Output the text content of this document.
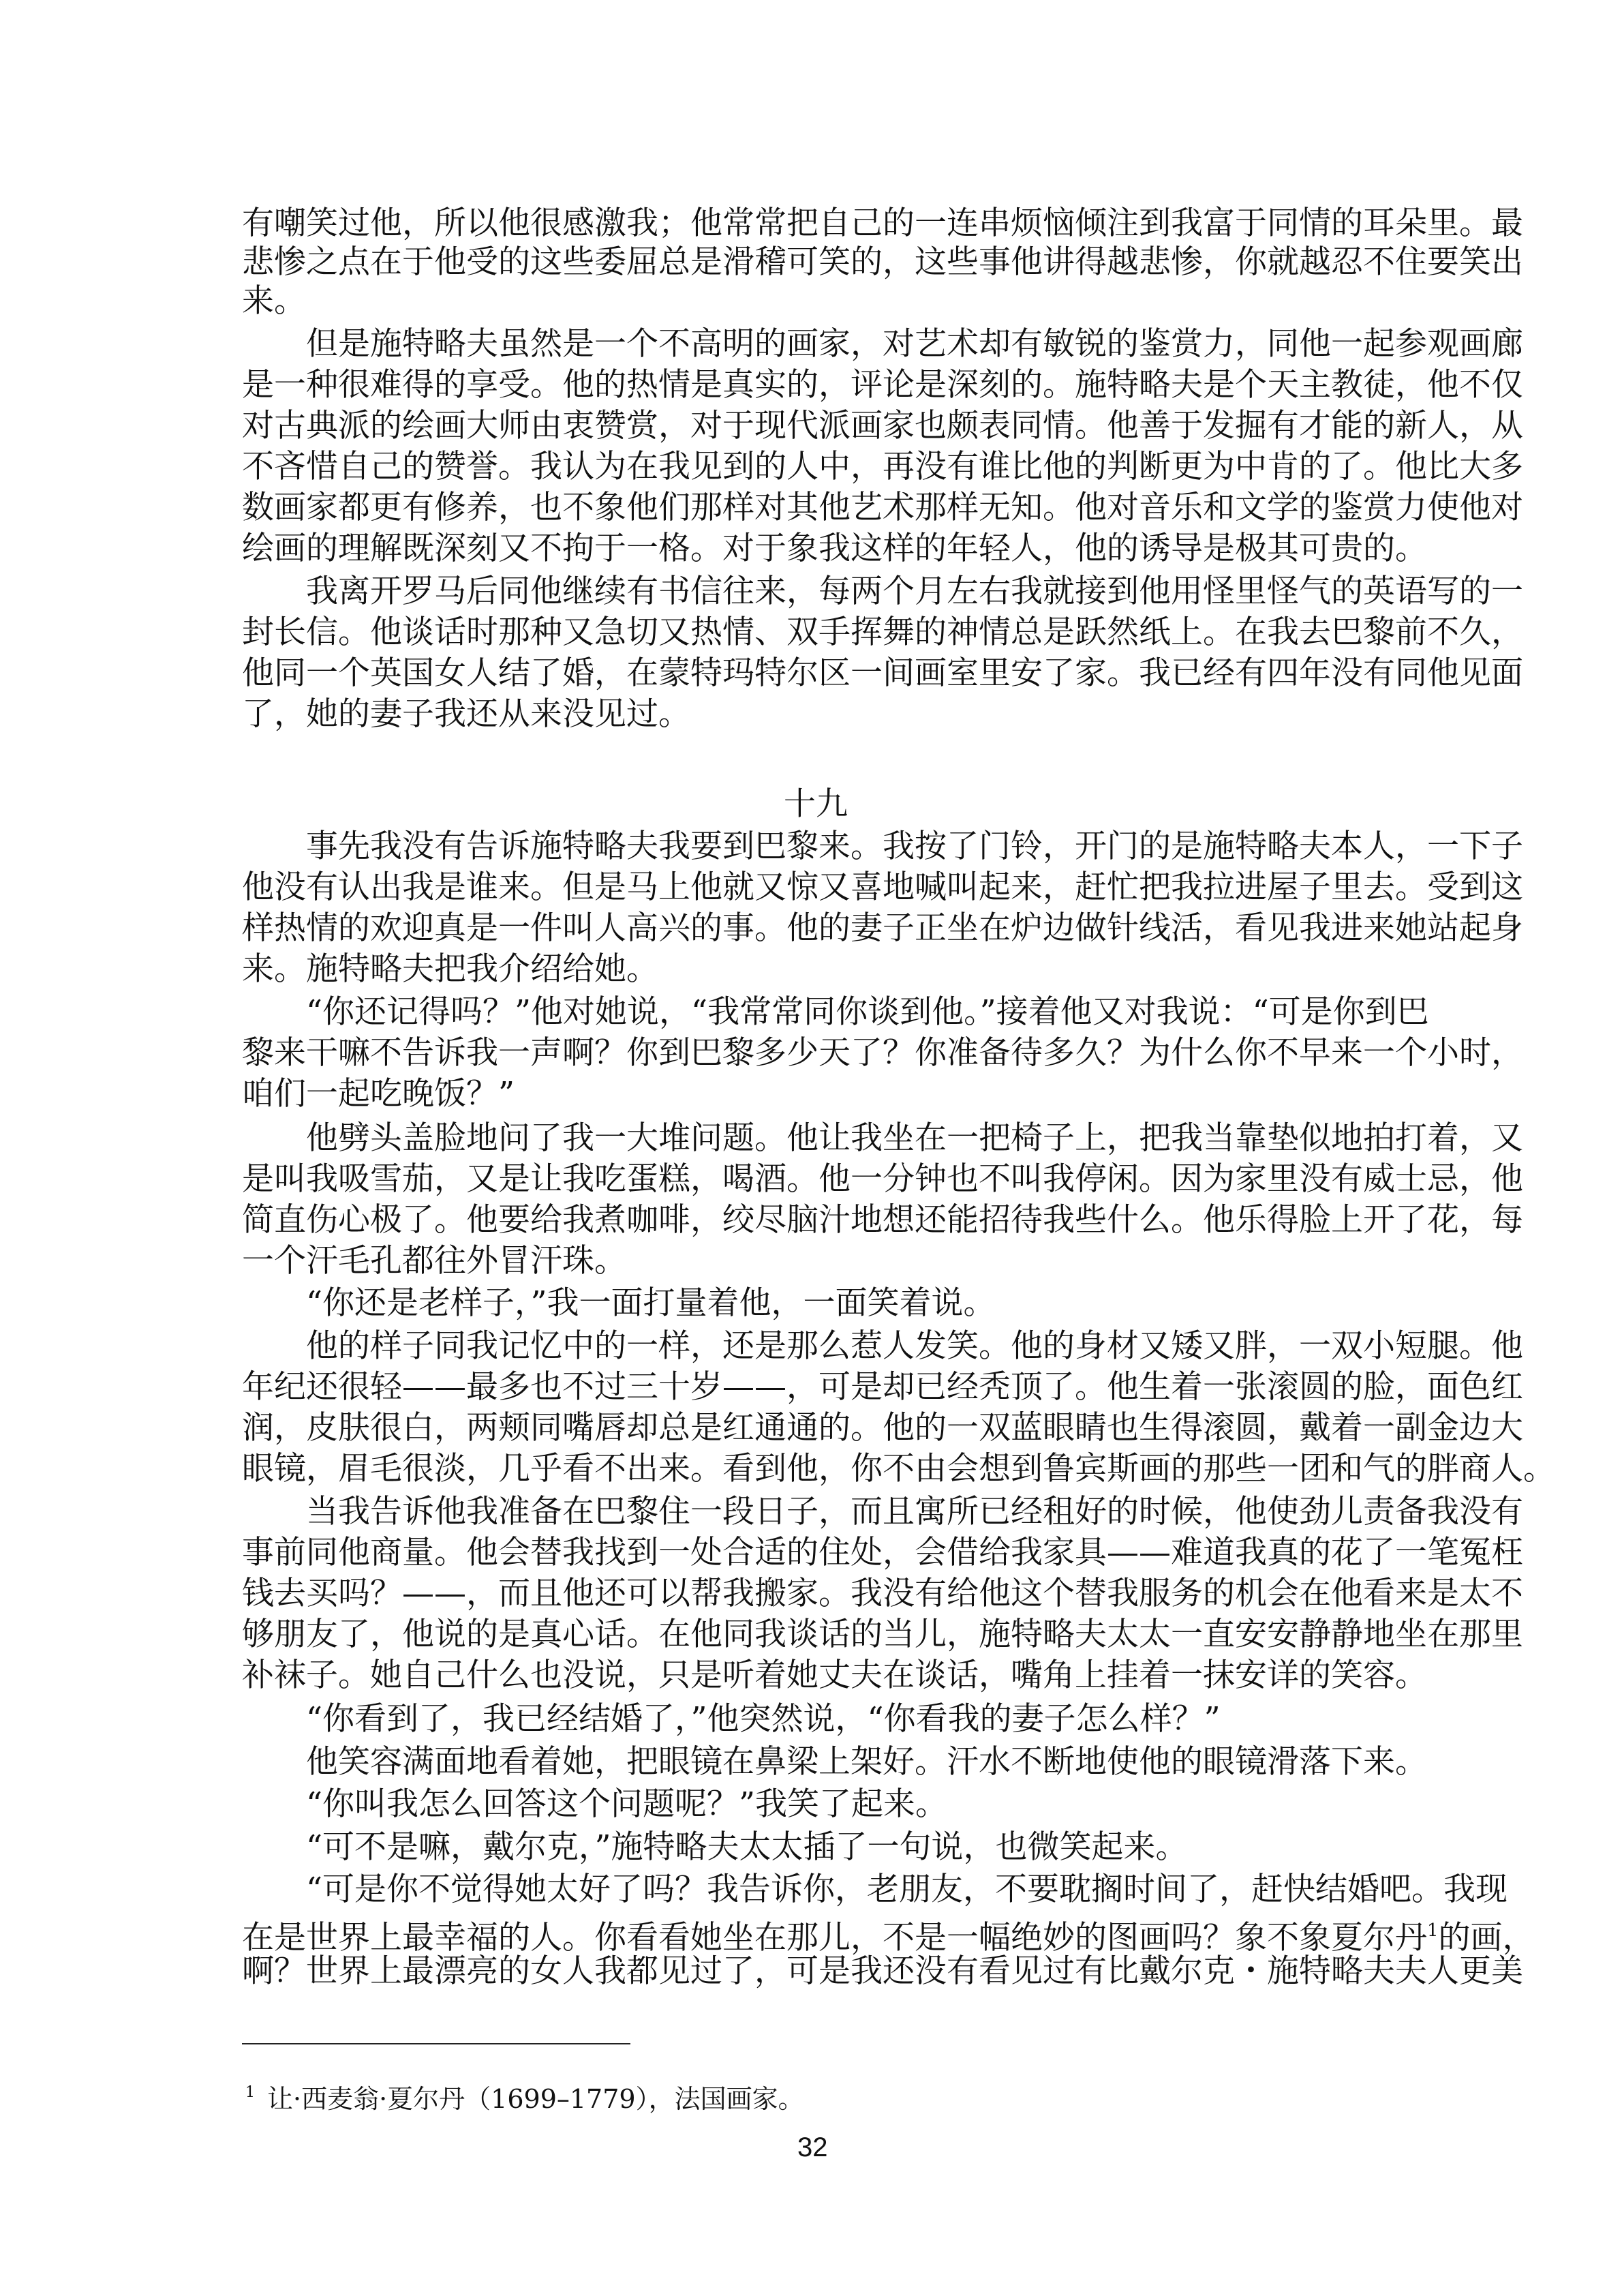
有嘲笑过他，所以他很感激我；他常常把自己的一连串烦恼倾注到我富于同情的耳朵里。最
悲惨之点在于他受的这些委屈总是滑稽可笑的，这些事他讲得越悲惨，你就越忍不住要笑出
来。
但是施特略夫虽然是一个不高明的画家，对艺术却有敏锐的鉴赏力，同他一起参观画廊
是一种很难得的享受。他的热情是真实的，评论是深刻的。施特略夫是个天主教徒，他不仅
对古典派的绘画大师由衷赞赏，对于现代派画家也颇表同情。他善于发掘有才能的新人，从
不吝惜自己的赞誉。我认为在我见到的人中，再没有谁比他的判断更为中肯的了。他比大多
数画家都更有修养，也不象他们那样对其他艺术那样无知。他对音乐和文学的鉴赏力使他对
绘画的理解既深刻又不拘于一格。对于象我这样的年轻人，他的诱导是极其可贵的。
我离开罗马后同他继续有书信往来，每两个月左右我就接到他用怪里怪气的英语写的一
封长信。他谈话时那种又急切又热情、双手挥舞的神情总是跃然纸上。在我去巴黎前不久，
他同一个英国女人结了婚，在蒙特玛特尔区一间画室里安了家。我已经有四年没有同他见面
了，她的妻子我还从来没见过。
十九
事先我没有告诉施特略夫我要到巴黎来。我按了门铃，开门的是施特略夫本人，一下子
他没有认出我是谁来。但是马上他就又惊又喜地喊叫起来，赶忙把我拉进屋子里去。受到这
样热情的欢迎真是一件叫人高兴的事。他的妻子正坐在炉边做针线活，看见我进来她站起身
来。施特略夫把我介绍给她。
“你还记得吗？”他对她说，“我常常同你谈到他。”接着他又对我说：“可是你到巴
黎来干嘛不告诉我一声啊？你到巴黎多少天了？你准备待多久？为什么你不早来一个小时，
咱们一起吃晚饭？”
他劈头盖脸地问了我一大堆问题。他让我坐在一把椅子上，把我当靠垫似地拍打着，又
是叫我吸雪茄，又是让我吃蛋糕，喝酒。他一分钟也不叫我停闲。因为家里没有威士忌，他
简直伤心极了。他要给我煮咖啡，绞尽脑汁地想还能招待我些什么。他乐得脸上开了花，每
一个汗毛孔都往外冒汗珠。
“你还是老样子，”我一面打量着他，一面笑着说。
他的样子同我记忆中的一样，还是那么惹人发笑。他的身材又矮又胖，一双小短腿。他
年纪还很轻——最多也不过三十岁——，可是却已经秃顶了。他生着一张滚圆的脸，面色红
润，皮肤很白，两颊同嘴唇却总是红通通的。他的一双蓝眼睛也生得滚圆，戴着一副金边大
眼镜，眉毛很淡，几乎看不出来。看到他，你不由会想到鲁宾斯画的那些一团和气的胖商人。
当我告诉他我准备在巴黎住一段日子，而且寓所已经租好的时候，他使劲儿责备我没有
事前同他商量。他会替我找到一处合适的住处，会借给我家具——难道我真的花了一笔冤枉
钱去买吗？——，而且他还可以帮我搬家。我没有给他这个替我服务的机会在他看来是太不
够朋友了，他说的是真心话。在他同我谈话的当儿，施特略夫太太一直安安静静地坐在那里
补袜子。她自己什么也没说，只是听着她丈夫在谈话，嘴角上挂着一抹安详的笑容。
“你看到了，我已经结婚了，”他突然说，“你看我的妻子怎么样？”
他笑容满面地看着她，把眼镜在鼻梁上架好。汗水不断地使他的眼镜滑落下来。
“你叫我怎么回答这个问题呢？”我笑了起来。
“可不是嘛，戴尔克，”施特略夫太太插了一句说，也微笑起来。
“可是你不觉得她太好了吗？我告诉你，老朋友，不要耽搁时间了，赶快结婚吧。我现
在是世界上最幸福的人。你看看她坐在那儿，不是一幅绝妙的图画吗？象不象夏尔丹$^1$的画，
啊？世界上最漂亮的女人我都见过了，可是我还没有看见过有比戴尔克・施特略夫夫人更美
$^1$ 让·西麦翁·夏尔丹（1699–1779），法国画家。
32
